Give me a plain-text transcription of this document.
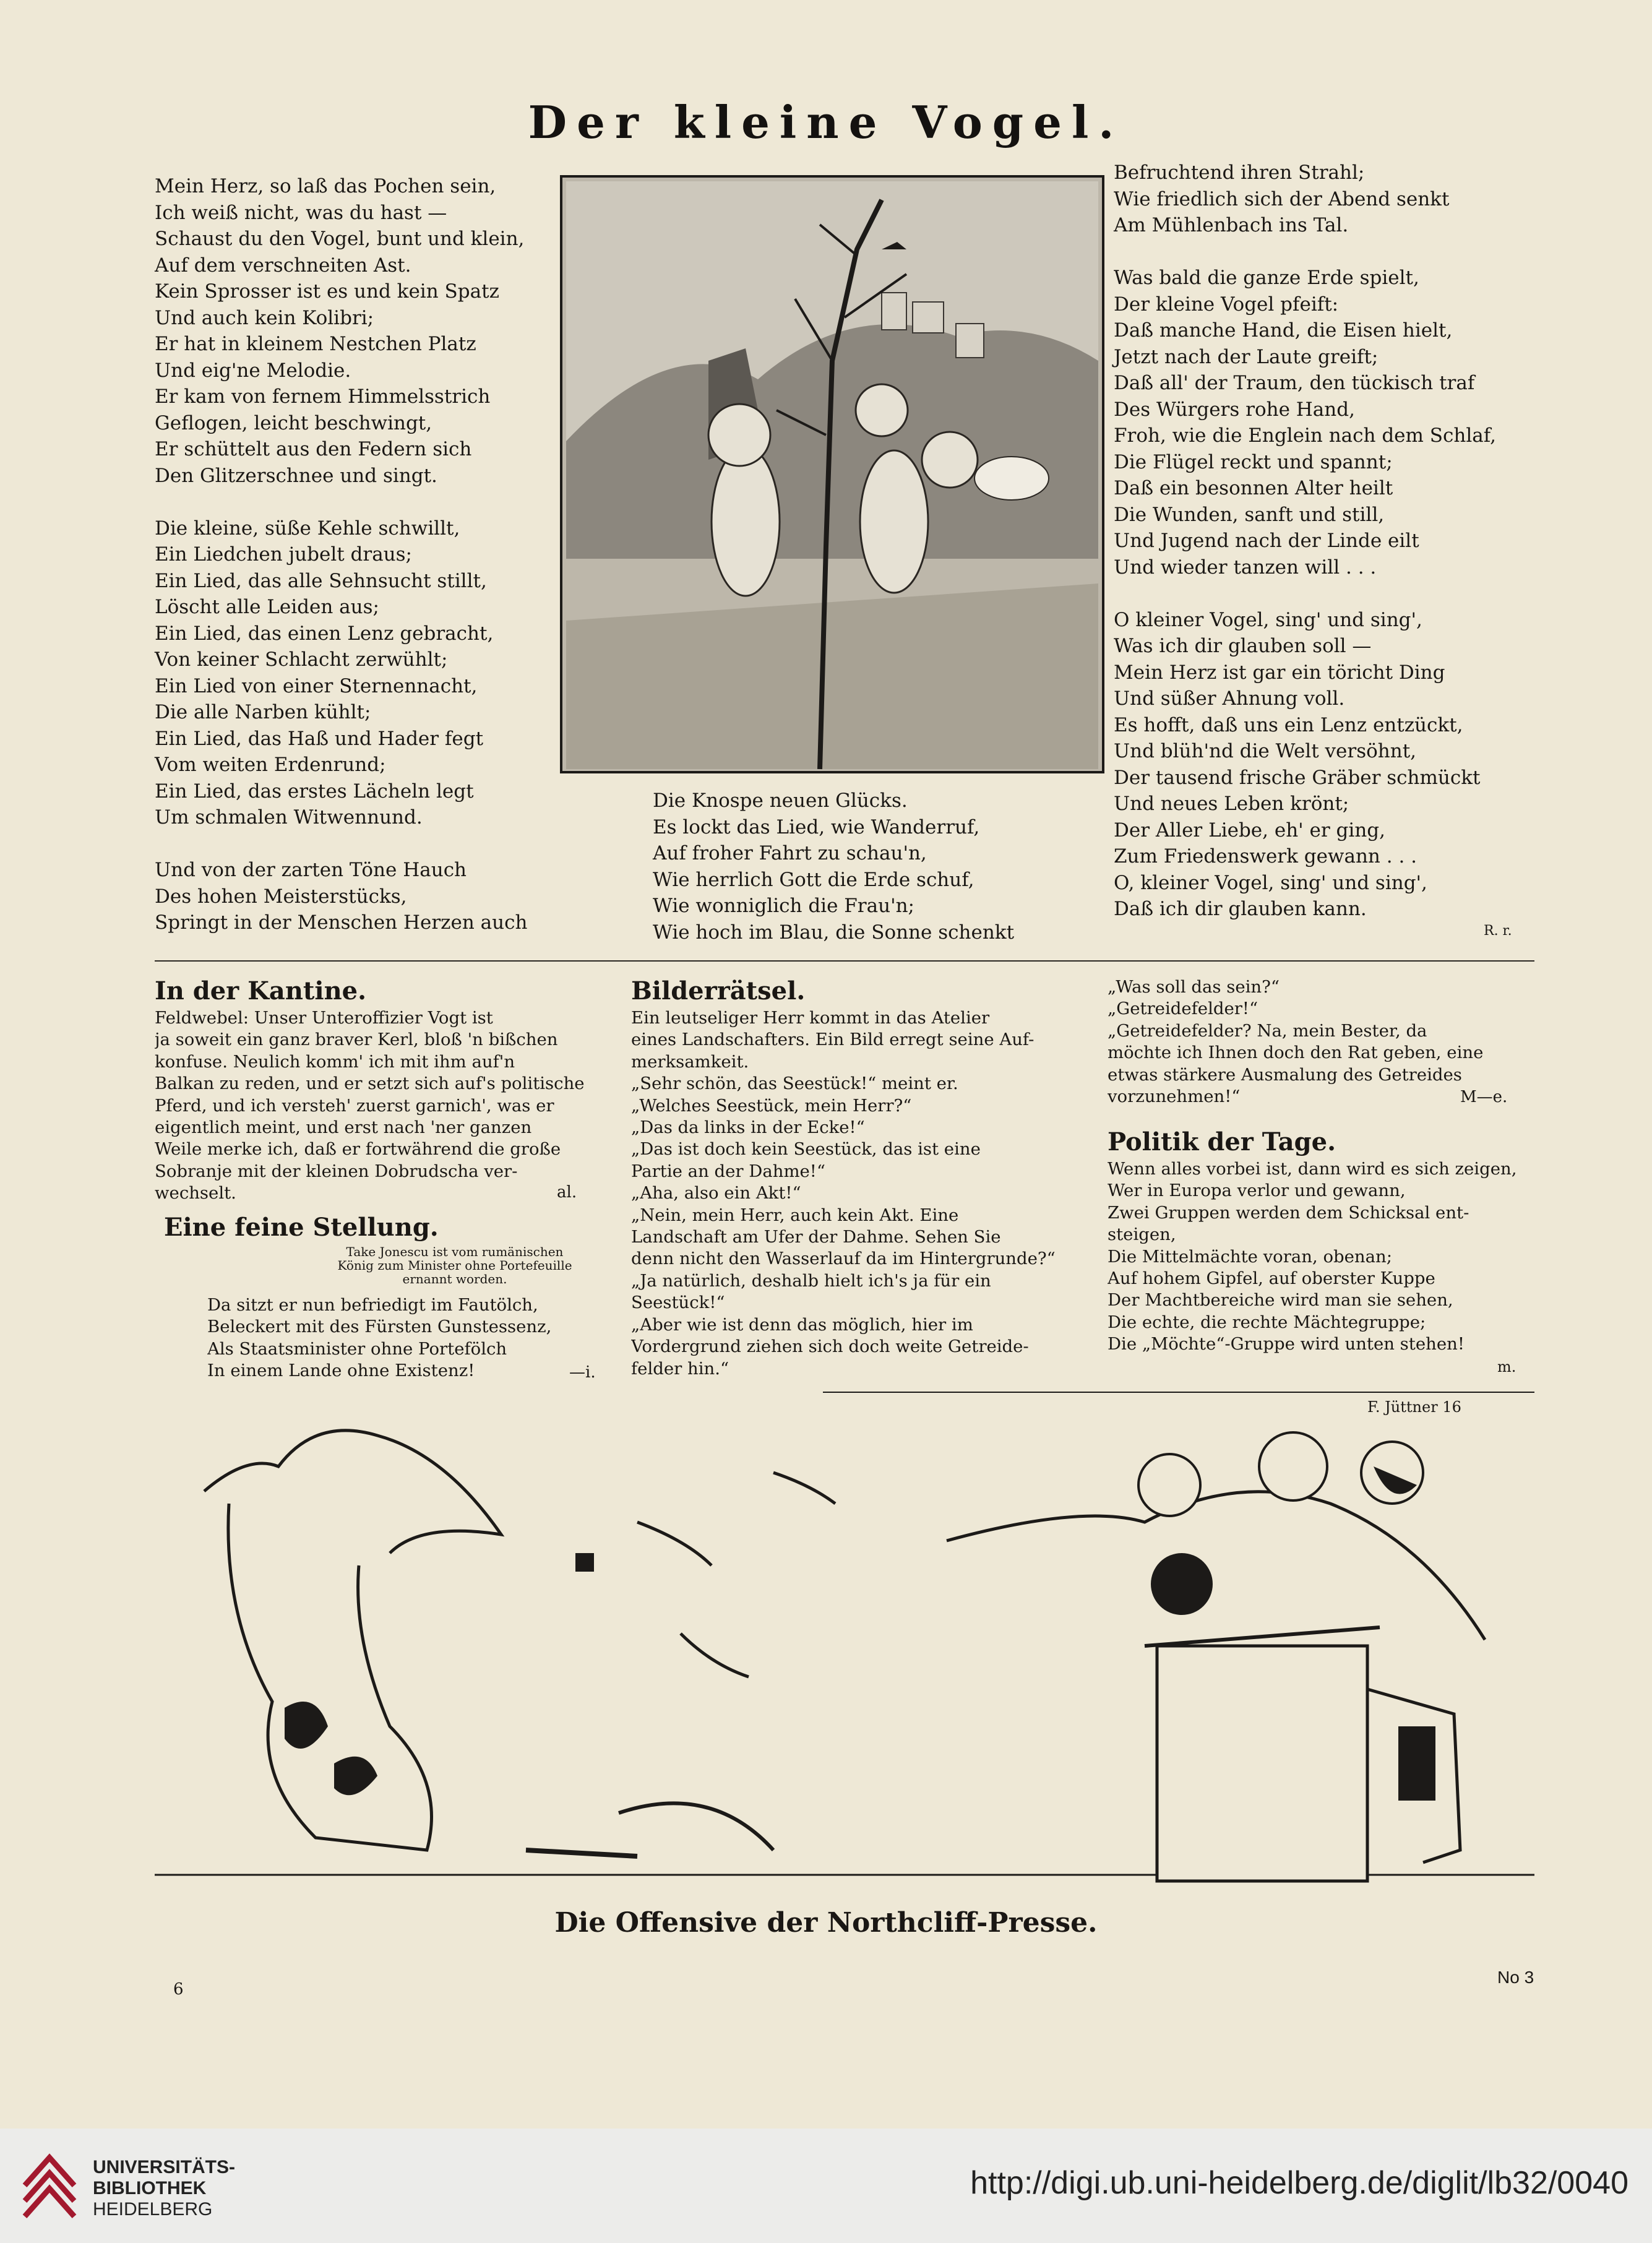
Der kleine Vogel.
Mein Herz, so laß das Pochen sein,
Ich weiß nicht, was du hast —
Schaust du den Vogel, bunt und klein,
Auf dem verschneiten Ast.
Kein Sprosser ist es und kein Spatz
Und auch kein Kolibri;
Er hat in kleinem Nestchen Platz
Und eig'ne Melodie.
Er kam von fernem Himmelsstrich
Geflogen, leicht beschwingt,
Er schüttelt aus den Federn sich
Den Glitzerschnee und singt.

Die kleine, süße Kehle schwillt,
Ein Liedchen jubelt draus;
Ein Lied, das alle Sehnsucht stillt,
Löscht alle Leiden aus;
Ein Lied, das einen Lenz gebracht,
Von keiner Schlacht zerwühlt;
Ein Lied von einer Sternennacht,
Die alle Narben kühlt;
Ein Lied, das Haß und Hader fegt
Vom weiten Erdenrund;
Ein Lied, das erstes Lächeln legt
Um schmalen Witwennund.

Und von der zarten Töne Hauch
Des hohen Meisterstücks,
Springt in der Menschen Herzen auch
Die Knospe neuen Glücks.
Es lockt das Lied, wie Wanderruf,
Auf froher Fahrt zu schau'n,
Wie herrlich Gott die Erde schuf,
Wie wonniglich die Frau'n;
Wie hoch im Blau, die Sonne schenkt
Befruchtend ihren Strahl;
Wie friedlich sich der Abend senkt
Am Mühlenbach ins Tal.

Was bald die ganze Erde spielt,
Der kleine Vogel pfeift:
Daß manche Hand, die Eisen hielt,
Jetzt nach der Laute greift;
Daß all' der Traum, den tückisch traf
Des Würgers rohe Hand,
Froh, wie die Englein nach dem Schlaf,
Die Flügel reckt und spannt;
Daß ein besonnen Alter heilt
Die Wunden, sanft und still,
Und Jugend nach der Linde eilt
Und wieder tanzen will . . .

O kleiner Vogel, sing' und sing',
Was ich dir glauben soll —
Mein Herz ist gar ein töricht Ding
Und süßer Ahnung voll.
Es hofft, daß uns ein Lenz entzückt,
Und blüh'nd die Welt versöhnt,
Der tausend frische Gräber schmückt
Und neues Leben krönt;
Der Aller Liebe, eh' er ging,
Zum Friedenswerk gewann . . .
O, kleiner Vogel, sing' und sing',
Daß ich dir glauben kann.
R. r.
In der Kantine.
Feldwebel: Unser Unteroffizier Vogt ist
ja soweit ein ganz braver Kerl, bloß 'n bißchen
konfuse. Neulich komm' ich mit ihm auf'n
Balkan zu reden, und er setzt sich auf's politische
Pferd, und ich versteh' zuerst garnich', was er
eigentlich meint, und erst nach 'ner ganzen
Weile merke ich, daß er fortwährend die große
Sobranje mit der kleinen Dobrudscha ver-
wechselt.	al.
Eine feine Stellung.
Take Jonescu ist vom rumänischen
König zum Minister ohne Portefeuille
ernannt worden.
Da sitzt er nun befriedigt im Fautölch,
Beleckert mit des Fürsten Gunstessenz,
Als Staatsminister ohne Portefölch
In einem Lande ohne Existenz!	—i.
Bilderrätsel.
Ein leutseliger Herr kommt in das Atelier
eines Landschafters. Ein Bild erregt seine Auf-
merksamkeit.
„Sehr schön, das Seestück!“ meint er.
„Welches Seestück, mein Herr?“
„Das da links in der Ecke!“
„Das ist doch kein Seestück, das ist eine
Partie an der Dahme!“
„Aha, also ein Akt!“
„Nein, mein Herr, auch kein Akt. Eine
Landschaft am Ufer der Dahme. Sehen Sie
denn nicht den Wasserlauf da im Hintergrunde?“
„Ja natürlich, deshalb hielt ich's ja für ein
Seestück!“
„Aber wie ist denn das möglich, hier im
Vordergrund ziehen sich doch weite Getreide-
felder hin.“
„Was soll das sein?“
„Getreidefelder!“
„Getreidefelder? Na, mein Bester, da
möchte ich Ihnen doch den Rat geben, eine
etwas stärkere Ausmalung des Getreides
vorzunehmen!“	M—e.
Politik der Tage.
Wenn alles vorbei ist, dann wird es sich zeigen,
Wer in Europa verlor und gewann,
Zwei Gruppen werden dem Schicksal ent-
steigen,
Die Mittelmächte voran, obenan;
Auf hohem Gipfel, auf oberster Kuppe
Der Machtbereiche wird man sie sehen,
Die echte, die rechte Mächtegruppe;
Die „Möchte“-Gruppe wird unten stehen!
m.
F. Jüttner 16
Die Offensive der Northcliff-Presse.
6
No 3
UNIVERSITÄTS-
BIBLIOTHEK
HEIDELBERG
http://digi.ub.uni-heidelberg.de/diglit/lb32/0040
